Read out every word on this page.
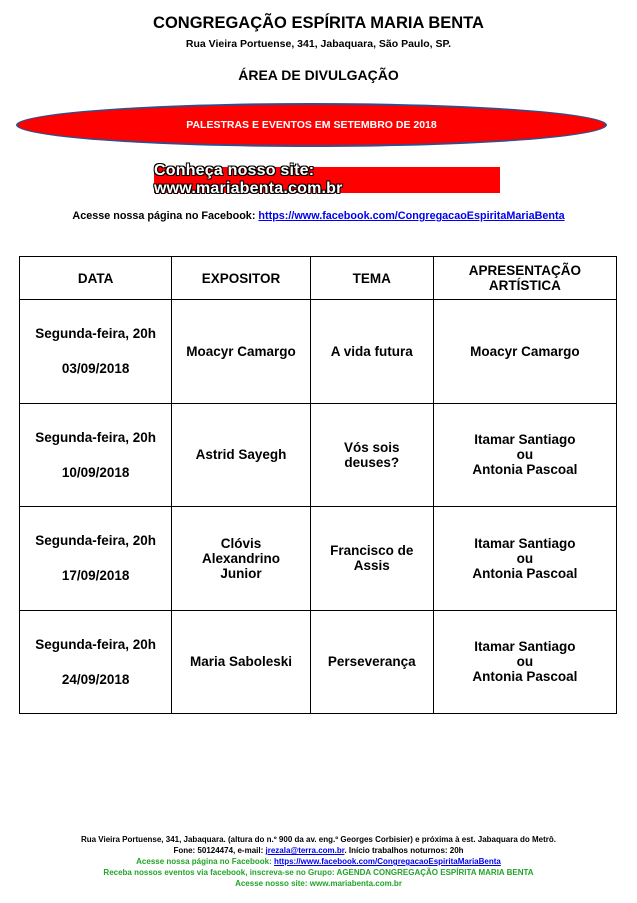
CONGREGAÇÃO ESPÍRITA MARIA BENTA
Rua Vieira Portuense, 341, Jabaquara, São Paulo, SP.
ÁREA DE DIVULGAÇÃO
PALESTRAS E EVENTOS EM SETEMBRO DE 2018
Conheça nosso site: www.mariabenta.com.br
Acesse nossa página no Facebook: https://www.facebook.com/CongregacaoEspiritaMariaBenta
DATA	EXPOSITOR	TEMA	APRESENTAÇÃO ARTÍSTICA

Segunda-feira, 20h
03/09/2018	Moacyr Camargo	A vida futura	Moacyr Camargo

Segunda-feira, 20h
10/09/2018	Astrid Sayegh	Vós sois deuses?	Itamar Santiago
ou
Antonia Pascoal

Segunda-feira, 20h
17/09/2018	Clóvis Alexandrino Junior	Francisco de Assis	Itamar Santiago
ou
Antonia Pascoal

Segunda-feira, 20h
24/09/2018	Maria Saboleski	Perseverança	Itamar Santiago
ou
Antonia Pascoal
Rua Vieira Portuense, 341, Jabaquara. (altura do n.º 900 da av. eng.º Georges Corbisier) e próxima à est. Jabaquara do Metrô.
Fone: 50124474, e-mail: jrezala@terra.com.br. Início trabalhos noturnos: 20h
Acesse nossa página no Facebook: https://www.facebook.com/CongregacaoEspiritaMariaBenta
Receba nossos eventos via facebook, inscreva-se no Grupo: AGENDA CONGREGAÇÃO ESPÍRITA MARIA BENTA
Acesse nosso site: www.mariabenta.com.br
